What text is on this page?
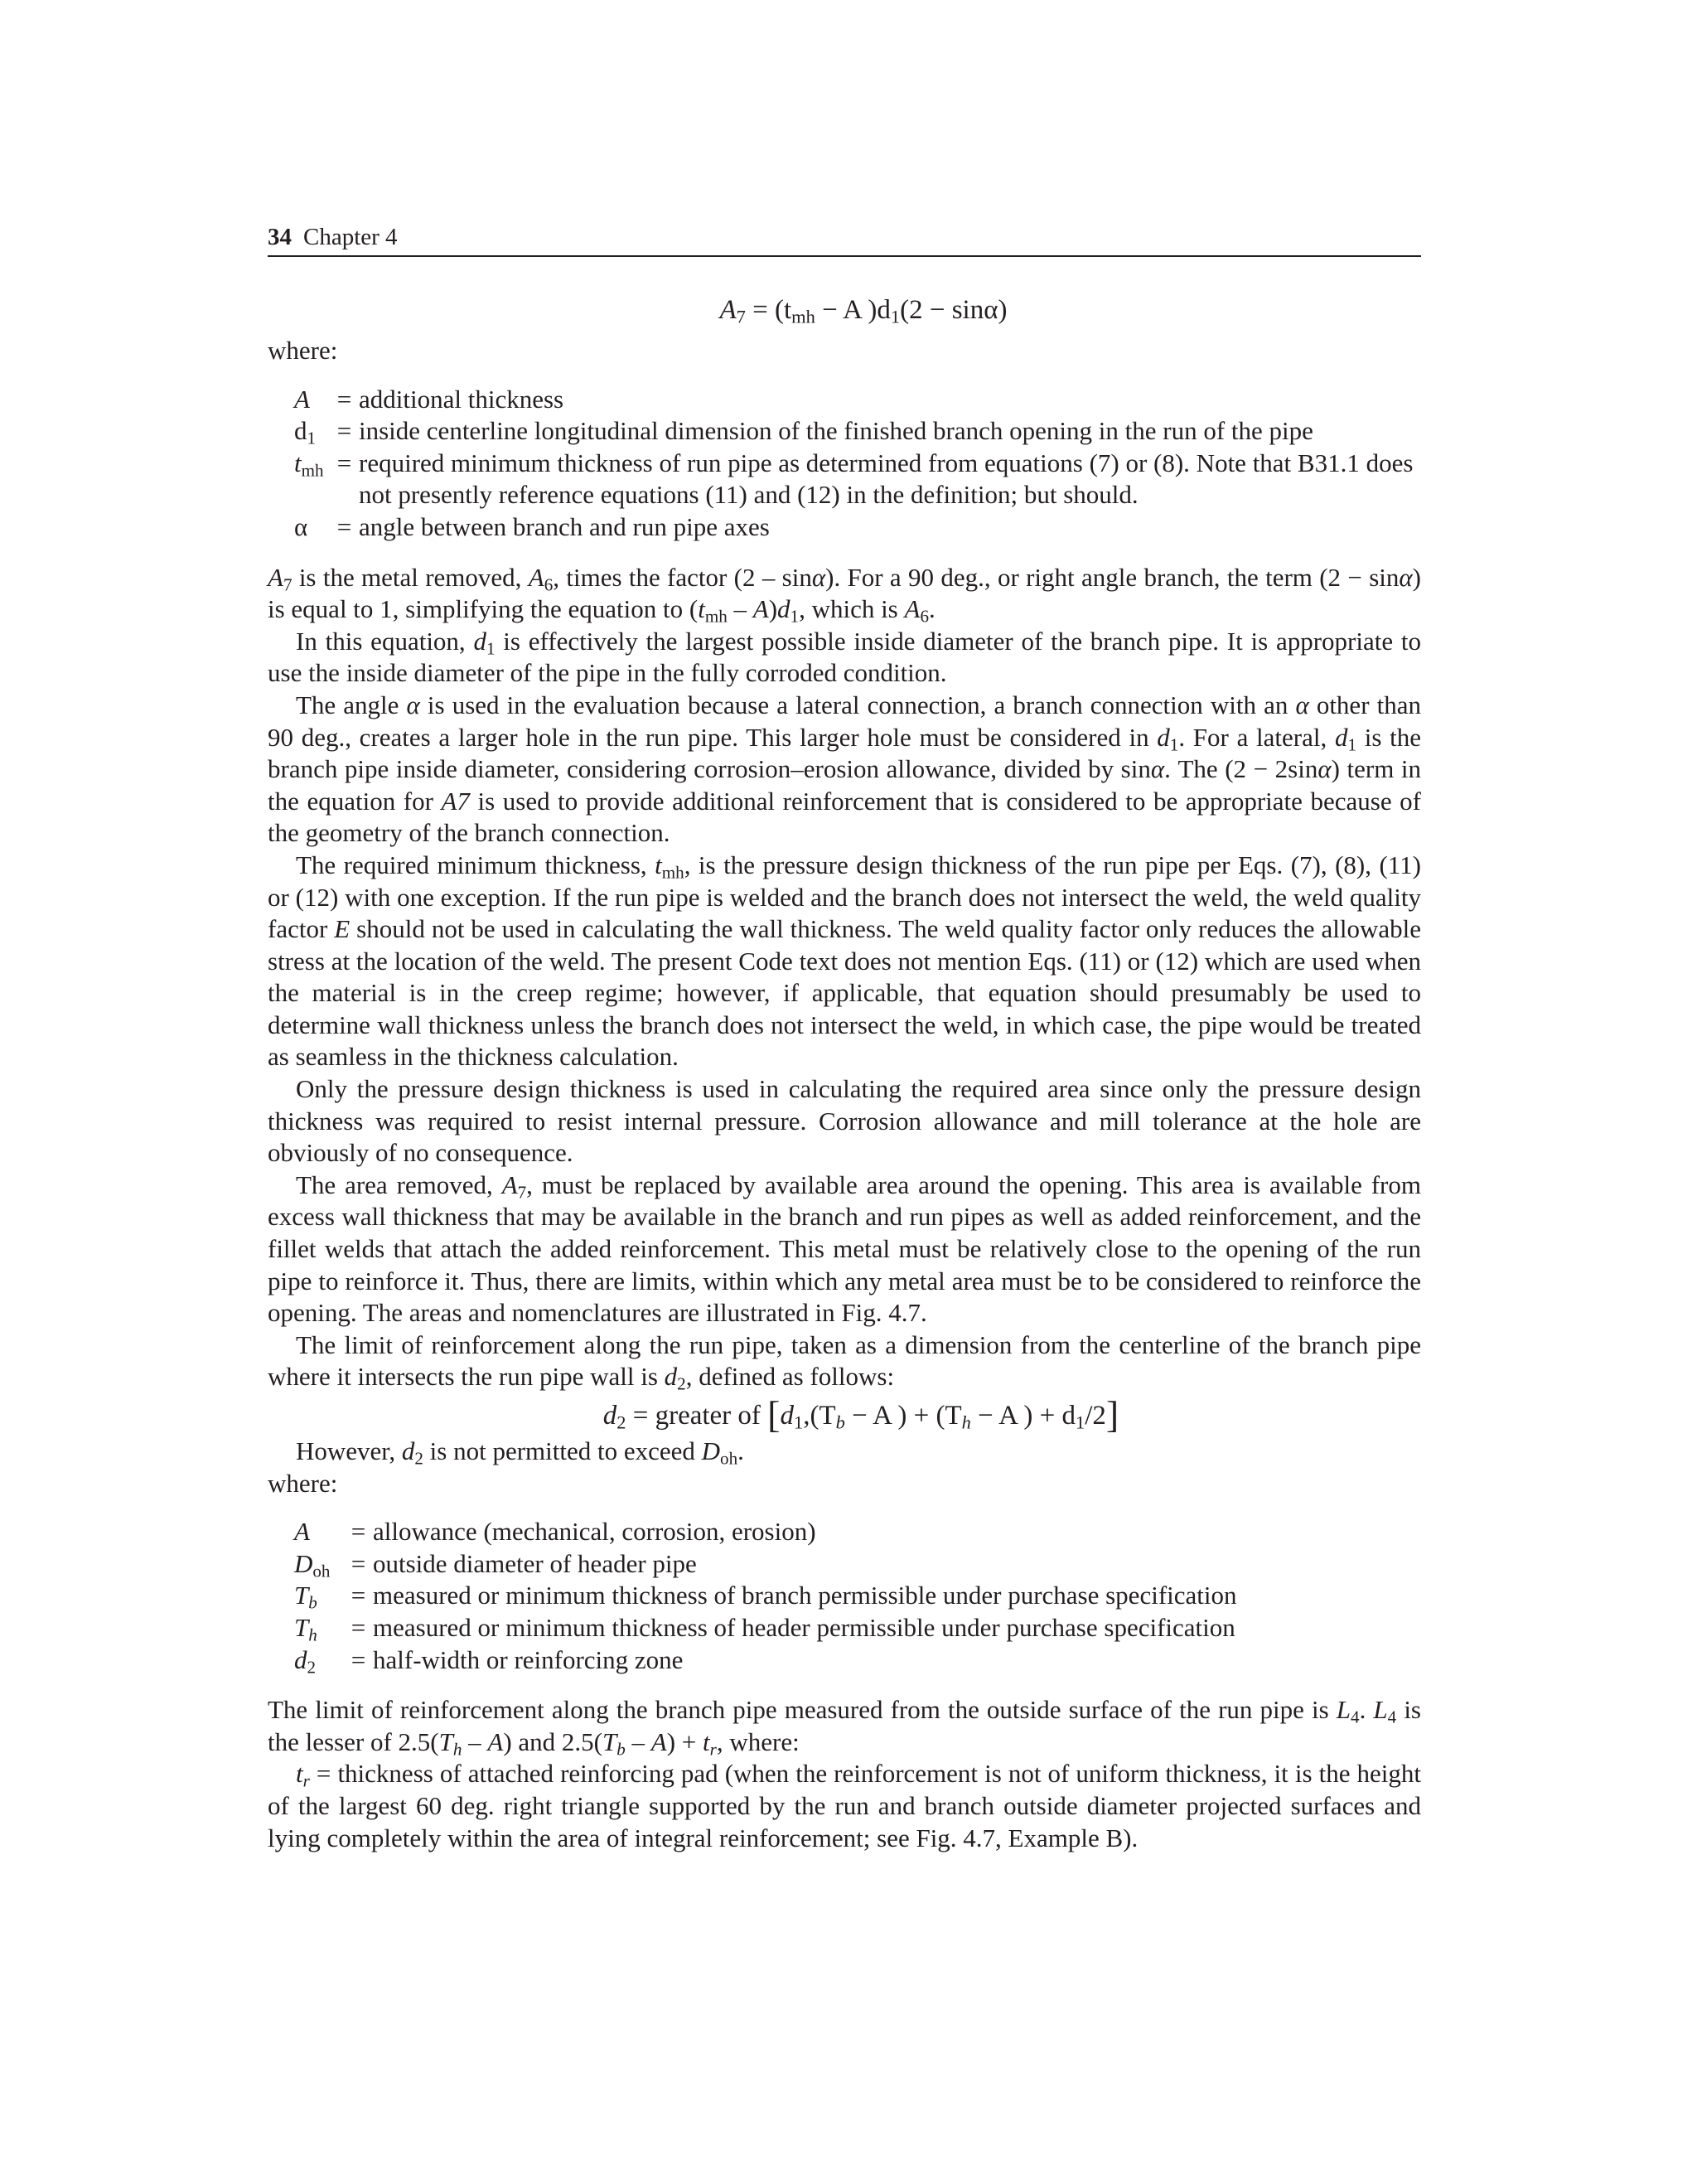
34 Chapter 4
$A_7 = (t_{mh} - A$ )$d_1(2 - \sin\alpha)$
where:
A	= additional thickness
$d_1$ = inside centerline longitudinal dimension of the finished branch opening in the run of the pipe
$t_{mh}$ = required minimum thickness of run pipe as determined from equations (7) or (8). Note that B31.1 does not presently reference equations (11) and (12) in the definition; but should.
α	= angle between branch and run pipe axes

$A_7$ is the metal removed, $A_6$, times the factor (2 – sinα). For a 90 deg., or right angle branch, the term (2 − sinα) is equal to 1, simplifying the equation to $(t_{mh} - A)d_1$, which is $A_6$.

In this equation, $d_1$ is effectively the largest possible inside diameter of the branch pipe. It is appropriate to use the inside diameter of the pipe in the fully corroded condition.

The angle α is used in the evaluation because a lateral connection, a branch connection with an α other than 90 deg., creates a larger hole in the run pipe. This larger hole must be considered in $d_1$. For a lateral, $d_1$ is the branch pipe inside diameter, considering corrosion–erosion allowance, divided by sinα. The (2 − 2sinα) term in the equation for A7 is used to provide additional reinforcement that is considered to be appropriate because of the geometry of the branch connection.

The required minimum thickness, $t_{mh}$, is the pressure design thickness of the run pipe per Eqs. (7), (8), (11) or (12) with one exception. If the run pipe is welded and the branch does not intersect the weld, the weld quality factor E should not be used in calculating the wall thickness. The weld quality factor only reduces the allowable stress at the location of the weld. The present Code text does not mention Eqs. (11) or (12) which are used when the material is in the creep regime; however, if applicable, that equation should presumably be used to determine wall thickness unless the branch does not intersect the weld, in which case, the pipe would be treated as seamless in the thickness calculation.

Only the pressure design thickness is used in calculating the required area since only the pressure design thickness was required to resist internal pressure. Corrosion allowance and mill tolerance at the hole are obviously of no consequence.

The area removed, $A_7$, must be replaced by available area around the opening. This area is available from excess wall thickness that may be available in the branch and run pipes as well as added reinforcement, and the fillet welds that attach the added reinforcement. This metal must be relatively close to the opening of the run pipe to reinforce it. Thus, there are limits, within which any metal area must be to be considered to reinforce the opening. The areas and nomenclatures are illustrated in Fig. 4.7.

The limit of reinforcement along the run pipe, taken as a dimension from the centerline of the branch pipe where it intersects the run pipe wall is $d_2$, defined as follows:

$d_2$ = greater of [$d_1,(T_b - A$ ) + ($T_h - A$ ) + $d_1/2$]

However, $d_2$ is not permitted to exceed $D_{oh}$.

where:
A	= allowance (mechanical, corrosion, erosion)
$D_{oh}$ = outside diameter of header pipe
$T_b$	= measured or minimum thickness of branch permissible under purchase specification
$T_h$	= measured or minimum thickness of header permissible under purchase specification
$d_2$	= half-width or reinforcing zone

The limit of reinforcement along the branch pipe measured from the outside surface of the run pipe is $L_4$. $L_4$ is the lesser of $2.5(T_h - A)$ and $2.5(T_b - A) + t_r$, where:

$t_r$ = thickness of attached reinforcing pad (when the reinforcement is not of uniform thickness, it is the height of the largest 60 deg. right triangle supported by the run and branch outside diameter projected surfaces and lying completely within the area of integral reinforcement; see Fig. 4.7, Example B).
